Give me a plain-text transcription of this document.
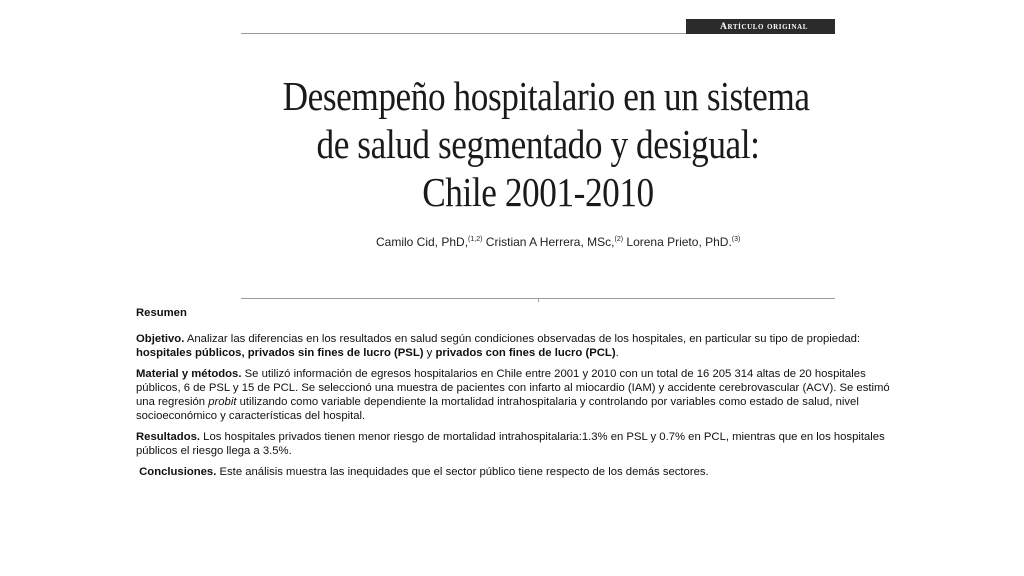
Artículo original
Desempeño hospitalario en un sistema
de salud segmentado y desigual:
Chile 2001-2010
Camilo Cid, PhD,$^{(1,2)}$ Cristian A Herrera, MSc,$^{(2)}$ Lorena Prieto, PhD.$^{(3)}$

Resumen

Objetivo. Analizar las diferencias en los resultados en salud según condiciones observadas de los hospitales, en particular su tipo de propiedad: hospitales públicos, privados sin fines de lucro (PSL) y privados con fines de lucro (PCL).

Material y métodos. Se utilizó información de egresos hospitalarios en Chile entre 2001 y 2010 con un total de 16 205 314 altas de 20 hospitales públicos, 6 de PSL y 15 de PCL. Se seleccionó una muestra de pacientes con infarto al miocardio (IAM) y accidente cerebrovascular (ACV). Se estimó una regresión probit utilizando como variable dependiente la mortalidad intrahospitalaria y controlando por variables como estado de salud, nivel socioeconómico y características del hospital.

Resultados. Los hospitales privados tienen menor riesgo de mortalidad intrahospitalaria:1.3% en PSL y 0.7% en PCL, mientras que en los hospitales públicos el riesgo llega a 3.5%.

Conclusiones. Este análisis muestra las inequidades que el sector público tiene respecto de los demás sectores.
